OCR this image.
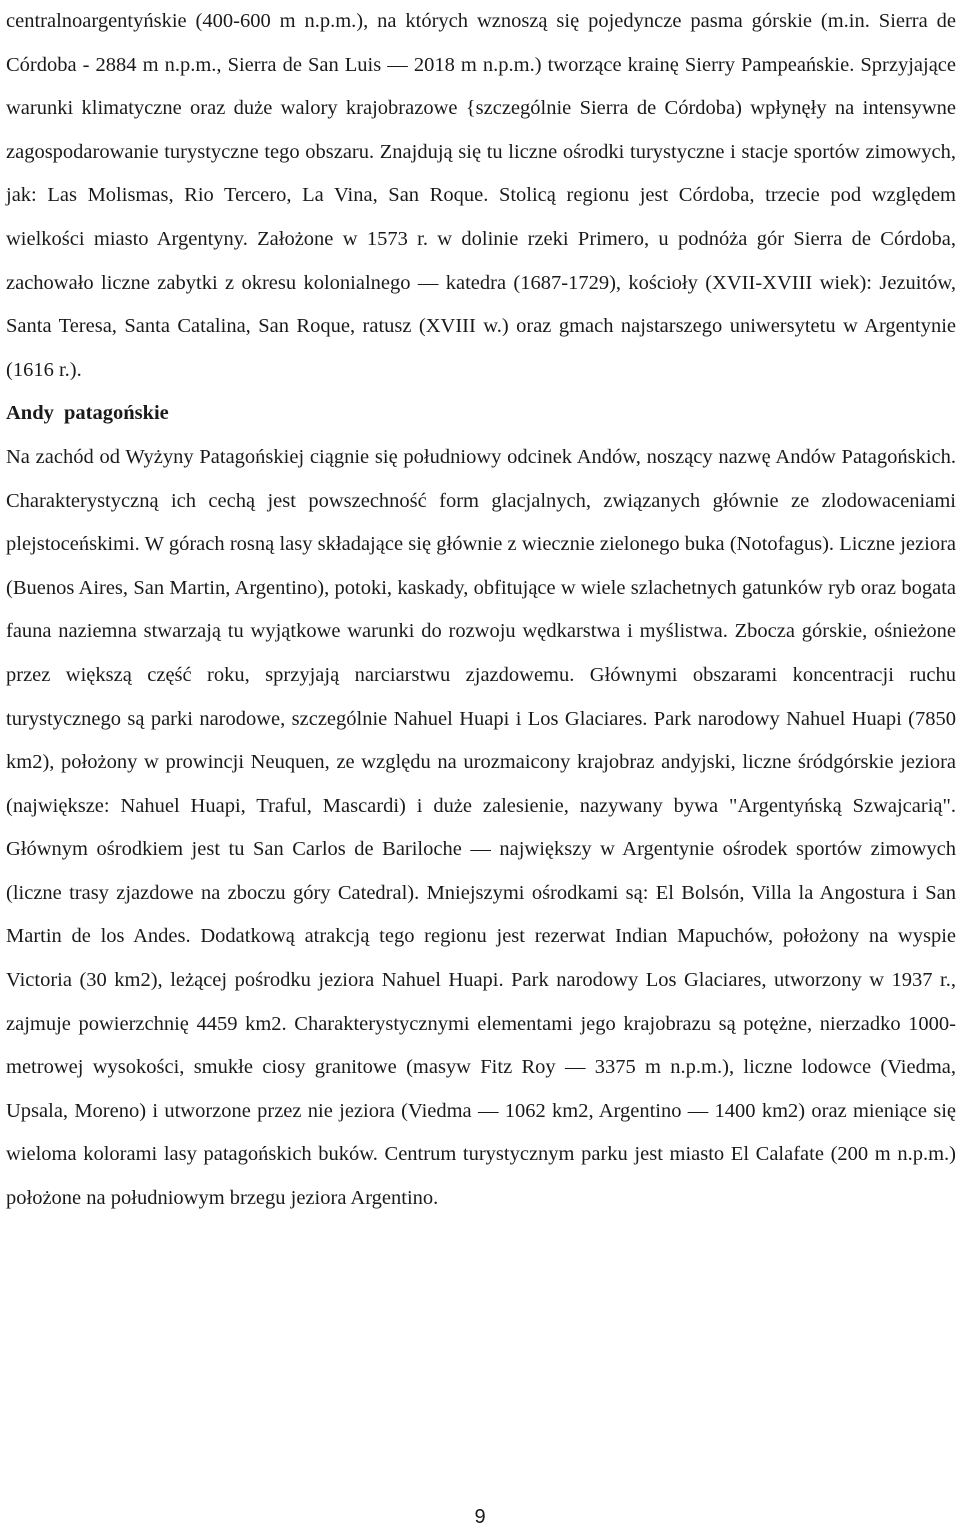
centralnoargentyńskie (400-600 m n.p.m.), na których wznoszą się pojedyncze pasma górskie (m.in. Sierra de Córdoba - 2884 m n.p.m., Sierra de San Luis — 2018 m n.p.m.) tworzące krainę Sierry Pampeańskie. Sprzyjające warunki klimatyczne oraz duże walory krajobrazowe {szczególnie Sierra de Córdoba) wpłynęły na intensywne zagospodarowanie turystyczne tego obszaru. Znajdują się tu liczne ośrodki turystyczne i stacje sportów zimowych, jak: Las Molismas, Rio Tercero, La Vina, San Roque. Stolicą regionu jest Córdoba, trzecie pod względem wielkości miasto Argentyny. Założone w 1573 r. w dolinie rzeki Primero, u podnóża gór Sierra de Córdoba, zachowało liczne zabytki z okresu kolonialnego — katedra (1687-1729), kościoły (XVII-XVIII wiek): Jezuitów, Santa Teresa, Santa Catalina, San Roque, ratusz (XVIII w.) oraz gmach najstarszego uniwersytetu w Argentynie (1616 r.).

Andy patagońskie

Na zachód od Wyżyny Patagońskiej ciągnie się południowy odcinek Andów, noszący nazwę Andów Patagońskich. Charakterystyczną ich cechą jest powszechność form glacjalnych, związanych głównie ze zlodowaceniami plejstoceńskimi. W górach rosną lasy składające się głównie z wiecznie zielonego buka (Notofagus). Liczne jeziora (Buenos Aires, San Martin, Argentino), potoki, kaskady, obfitujące w wiele szlachetnych gatunków ryb oraz bogata fauna naziemna stwarzają tu wyjątkowe warunki do rozwoju wędkarstwa i myślistwa. Zbocza górskie, ośnieżone przez większą część roku, sprzyjają narciarstwu zjazdowemu. Głównymi obszarami koncentracji ruchu turystycznego są parki narodowe, szczególnie Nahuel Huapi i Los Glaciares. Park narodowy Nahuel Huapi (7850 km2), położony w prowincji Neuquen, ze względu na urozmaicony krajobraz andyjski, liczne śródgórskie jeziora (największe: Nahuel Huapi, Traful, Mascardi) i duże zalesienie, nazywany bywa "Argentyńską Szwajcarią". Głównym ośrodkiem jest tu San Carlos de Bariloche — największy w Argentynie ośrodek sportów zimowych (liczne trasy zjazdowe na zboczu góry Catedral). Mniejszymi ośrodkami są: El Bolsón, Villa la Angostura i San Martin de los Andes. Dodatkową atrakcją tego regionu jest rezerwat Indian Mapuchów, położony na wyspie Victoria (30 km2), leżącej pośrodku jeziora Nahuel Huapi. Park narodowy Los Glaciares, utworzony w 1937 r., zajmuje powierzchnię 4459 km2. Charakterystycznymi elementami jego krajobrazu są potężne, nierzadko 1000-metrowej wysokości, smukłe ciosy granitowe (masyw Fitz Roy — 3375 m n.p.m.), liczne lodowce (Viedma, Upsala, Moreno) i utworzone przez nie jeziora (Viedma — 1062 km2, Argentino — 1400 km2) oraz mieniące się wieloma kolorami lasy patagońskich buków. Centrum turystycznym parku jest miasto El Calafate (200 m n.p.m.) położone na południowym brzegu jeziora Argentino.

9
